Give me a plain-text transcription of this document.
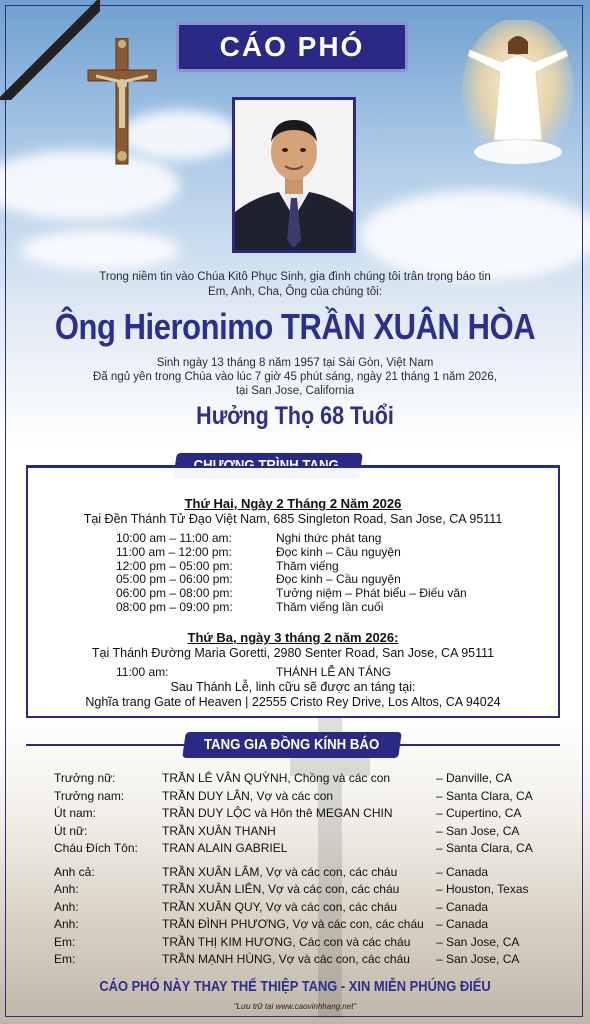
CÁO PHÓ
Trong niềm tin vào Chúa Kitô Phục Sinh, gia đình chúng tôi trân trọng báo tin
Em, Anh, Cha, Ông của chúng tôi:
Ông Hieronimo TRẦN XUÂN HÒA
Sinh ngày 13 tháng 8 năm 1957 tại Sài Gòn, Việt Nam
Đã ngủ yên trong Chúa vào lúc 7 giờ 45 phút sáng, ngày 21 tháng 1 năm 2026,
tại San Jose, California
Hưởng Thọ 68 Tuổi
Thứ Hai, Ngày 2 Tháng 2 Năm 2026
Tại Đền Thánh Tử Đạo Việt Nam, 685 Singleton Road, San Jose, CA 95111
10:00 am – 11:00 am:	Nghi thức phát tang
11:00 am – 12:00 pm:	Đọc kinh – Cầu nguyện
12:00 pm – 05:00 pm:	Thăm viếng
05:00 pm – 06:00 pm:	Đọc kinh – Cầu nguyện
06:00 pm – 08:00 pm:	Tưởng niệm – Phát biểu – Điếu văn
08:00 pm – 09:00 pm:	Thăm viếng lần cuối
Thứ Ba, ngày 3 tháng 2 năm 2026:
Tại Thánh Đường Maria Goretti, 2980 Senter Road, San Jose, CA 95111
11:00 am:	THÁNH LỄ AN TÁNG
Sau Thánh Lễ, linh cữu sẽ được an táng tại:
Nghĩa trang Gate of Heaven | 22555 Cristo Rey Drive, Los Altos, CA 94024
TANG GIA ĐỒNG KÍNH BÁO
Trưởng nữ:	TRẦN LÊ VÂN QUỲNH, Chồng và các con	– Danville, CA
Trưởng nam:	TRẦN DUY LÂN, Vợ và các con	– Santa Clara, CA
Út nam:	TRẦN DUY LỘC và Hôn thê MEGAN CHIN	– Cupertino, CA
Út nữ:	TRẦN XUÂN THANH	– San Jose, CA
Cháu Đích Tôn:	TRAN ALAIN GABRIEL	– Santa Clara, CA
Anh cả:	TRẦN XUÂN LÂM, Vợ và các con, các cháu	– Canada
Anh:	TRẦN XUÂN LIÊN, Vợ và các con, các cháu	– Houston, Texas
Anh:	TRẦN XUÂN QUY, Vợ và các con, các cháu	– Canada
Anh:	TRẦN ĐÌNH PHƯƠNG, Vợ và các con, các cháu	– Canada
Em:	TRẦN THỊ KIM HƯƠNG, Các con và các cháu	– San Jose, CA
Em:	TRẦN MẠNH HÙNG, Vợ và các con, các cháu	– San Jose, CA
CÁO PHÓ NÀY THAY THẾ THIỆP TANG - XIN MIỄN PHÚNG ĐIẾU
"Lưu trữ tại www.caovinhhang.net"
